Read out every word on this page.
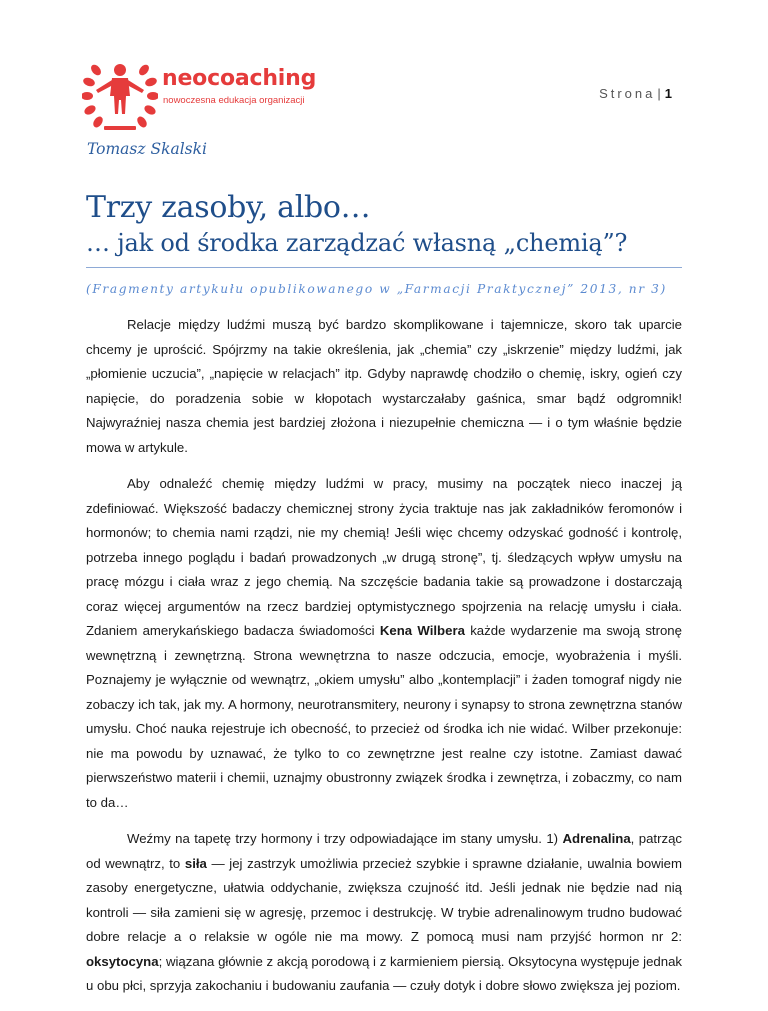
neocoaching
nowoczesna edukacja organizacji	Strona | 1
Tomasz Skalski
Trzy zasoby, albo…
… jak od środka zarządzać własną „chemią”?
(Fragmenty artykułu opublikowanego w „Farmacji Praktycznej” 2013, nr 3)

Relacje między ludźmi muszą być bardzo skomplikowane i tajemnicze, skoro tak uparcie chcemy je uprościć. Spójrzmy na takie określenia, jak „chemia” czy „iskrzenie” między ludźmi, jak „płomienie uczucia”, „napięcie w relacjach” itp. Gdyby naprawdę chodziło o chemię, iskry, ogień czy napięcie, do poradzenia sobie w kłopotach wystarczałaby gaśnica, smar bądź odgromnik! Najwyraźniej nasza chemia jest bardziej złożona i niezupełnie chemiczna — i o tym właśnie będzie mowa w artykule.

Aby odnaleźć chemię między ludźmi w pracy, musimy na początek nieco inaczej ją zdefiniować. Większość badaczy chemicznej strony życia traktuje nas jak zakładników feromonów i hormonów; to chemia nami rządzi, nie my chemią! Jeśli więc chcemy odzyskać godność i kontrolę, potrzeba innego poglądu i badań prowadzonych „w drugą stronę”, tj. śledzących wpływ umysłu na pracę mózgu i ciała wraz z jego chemią. Na szczęście badania takie są prowadzone i dostarczają coraz więcej argumentów na rzecz bardziej optymistycznego spojrzenia na relację umysłu i ciała. Zdaniem amerykańskiego badacza świadomości Kena Wilbera każde wydarzenie ma swoją stronę wewnętrzną i zewnętrzną. Strona wewnętrzna to nasze odczucia, emocje, wyobrażenia i myśli. Poznajemy je wyłącznie od wewnątrz, „okiem umysłu” albo „kontemplacji” i żaden tomograf nigdy nie zobaczy ich tak, jak my. A hormony, neurotransmitery, neurony i synapsy to strona zewnętrzna stanów umysłu. Choć nauka rejestruje ich obecność, to przecież od środka ich nie widać. Wilber przekonuje: nie ma powodu by uznawać, że tylko to co zewnętrzne jest realne czy istotne. Zamiast dawać pierwszeństwo materii i chemii, uznajmy obustronny związek środka i zewnętrza, i zobaczmy, co nam to da…

Weźmy na tapetę trzy hormony i trzy odpowiadające im stany umysłu. 1) Adrenalina, patrząc od wewnątrz, to siła — jej zastrzyk umożliwia przecież szybkie i sprawne działanie, uwalnia bowiem zasoby energetyczne, ułatwia oddychanie, zwiększa czujność itd. Jeśli jednak nie będzie nad nią kontroli — siła zamieni się w agresję, przemoc i destrukcję. W trybie adrenalinowym trudno budować dobre relacje a o relaksie w ogóle nie ma mowy. Z pomocą musi nam przyjść hormon nr 2: oksytocyna; wiązana głównie z akcją porodową i z karmieniem piersią. Oksytocyna występuje jednak u obu płci, sprzyja zakochaniu i budowaniu zaufania — czuły dotyk i dobre słowo zwiększa jej poziom.
